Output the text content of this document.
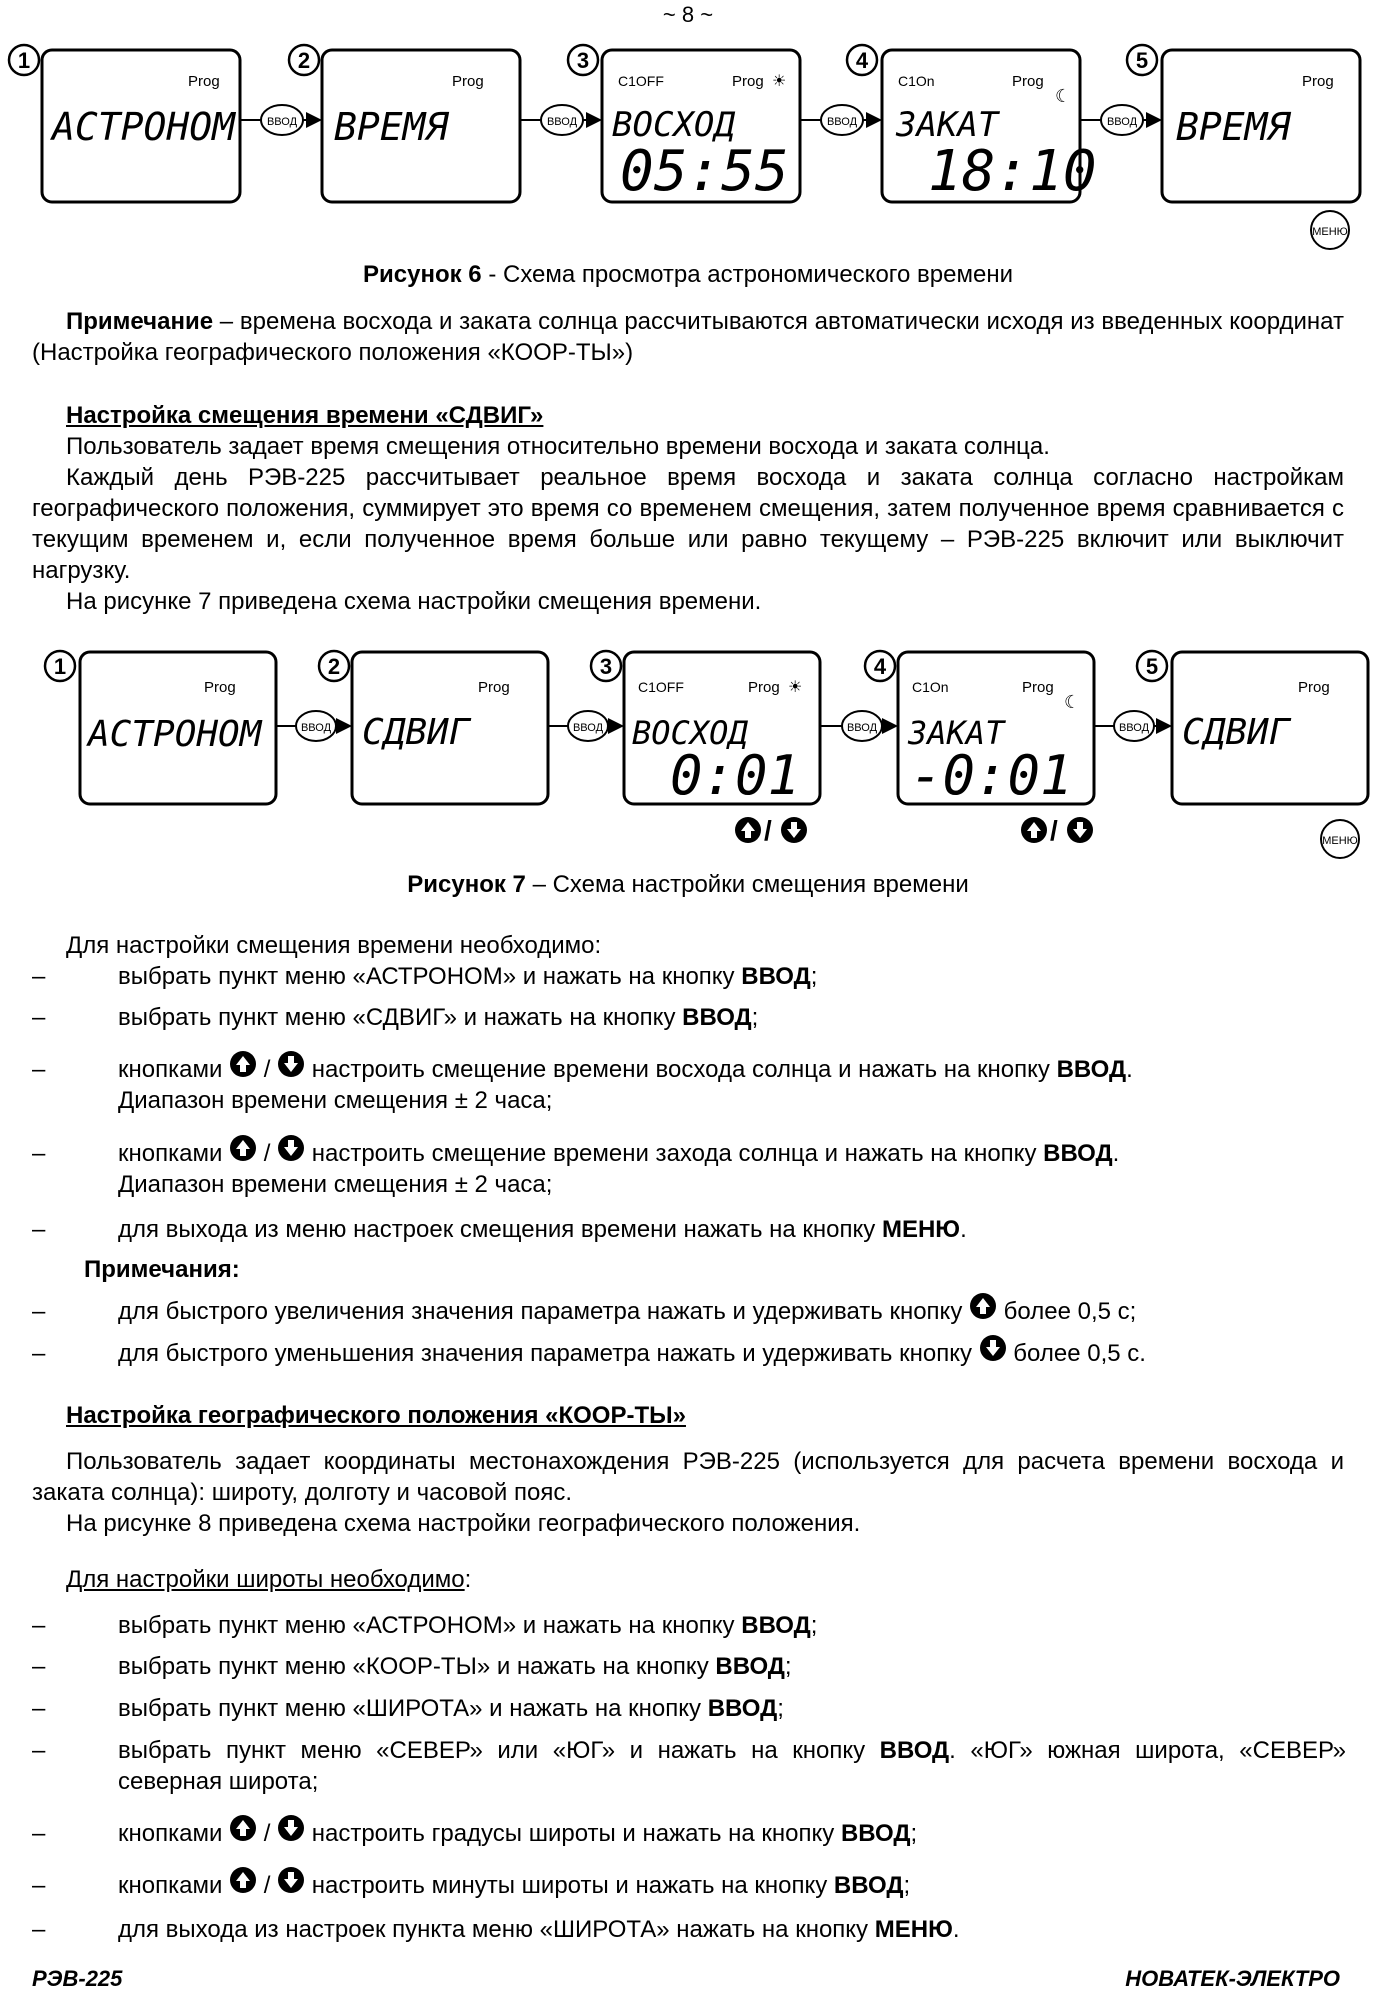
~ 8 ~
1	2	3	4	5
Prog
АСТРОНОМ
Prog
ВРЕМЯ
C1OFF	Prog ☀
ВОСХОД
05:55
C1On	Prog
☾
ЗАКАТ
18:10
Prog
ВРЕМЯ
ВВОД	ВВОД	ВВОД	ВВОД
МЕНЮ
Рисунок 6 - Схема просмотра астрономического времени
Примечание – времена восхода и заката солнца рассчитываются автоматически исходя из введенных координат (Настройка географического положения «КООР-ТЫ»)
Настройка смещения времени «СДВИГ»
Пользователь задает время смещения относительно времени восхода и заката солнца.
Каждый день РЭВ-225 рассчитывает реальное время восхода и заката солнца согласно настройкам географического положения, суммирует это время со временем смещения, затем полученное время сравнивается с текущим временем и, если полученное время больше или равно текущему – РЭВ-225 включит или выключит нагрузку.
На рисунке 7 приведена схема настройки смещения времени.
1	2	3	4	5
Prog
АСТРОНОМ
Prog
СДВИГ
C1OFF	Prog ☀
ВОСХОД
0:01
C1On	Prog
☾
ЗАКАТ
-0:01
Prog
СДВИГ
ВВОД	ВВОД	ВВОД	ВВОД
/	/	МЕНЮ
Рисунок 7 – Схема настройки смещения времени
Для настройки смещения времени необходимо:
–	выбрать пункт меню «АСТРОНОМ» и нажать на кнопку ВВОД;
–	выбрать пункт меню «СДВИГ» и нажать на кнопку ВВОД;
–	кнопками  /  настроить смещение времени восхода солнца и нажать на кнопку ВВОД.
Диапазон времени смещения ± 2 часа;
–	кнопками  /  настроить смещение времени захода солнца и нажать на кнопку ВВОД.
Диапазон времени смещения ± 2 часа;
–	для выхода из меню настроек смещения времени нажать на кнопку МЕНЮ.
Примечания:
–	для быстрого увеличения значения параметра нажать и удерживать кнопку  более 0,5 с;
–	для быстрого уменьшения значения параметра нажать и удерживать кнопку  более 0,5 с.
Настройка географического положения «КООР-ТЫ»
Пользователь задает координаты местонахождения РЭВ-225 (используется для расчета времени восхода и заката солнца): широту, долготу и часовой пояс.
На рисунке 8 приведена схема настройки географического положения.
Для настройки широты необходимо:
–	выбрать пункт меню «АСТРОНОМ» и нажать на кнопку ВВОД;
–	выбрать пункт меню «КООР-ТЫ» и нажать на кнопку ВВОД;
–	выбрать пункт меню «ШИРОТА» и нажать на кнопку ВВОД;
–	выбрать пункт меню «СЕВЕР» или «ЮГ» и нажать на кнопку ВВОД. «ЮГ» южная широта, «СЕВЕР» северная широта;
–	кнопками  /  настроить градусы широты и нажать на кнопку ВВОД;
–	кнопками  /  настроить минуты широты и нажать на кнопку ВВОД;
–	для выхода из настроек пункта меню «ШИРОТА» нажать на кнопку МЕНЮ.
РЭВ-225	НОВАТЕК-ЭЛЕКТРО
